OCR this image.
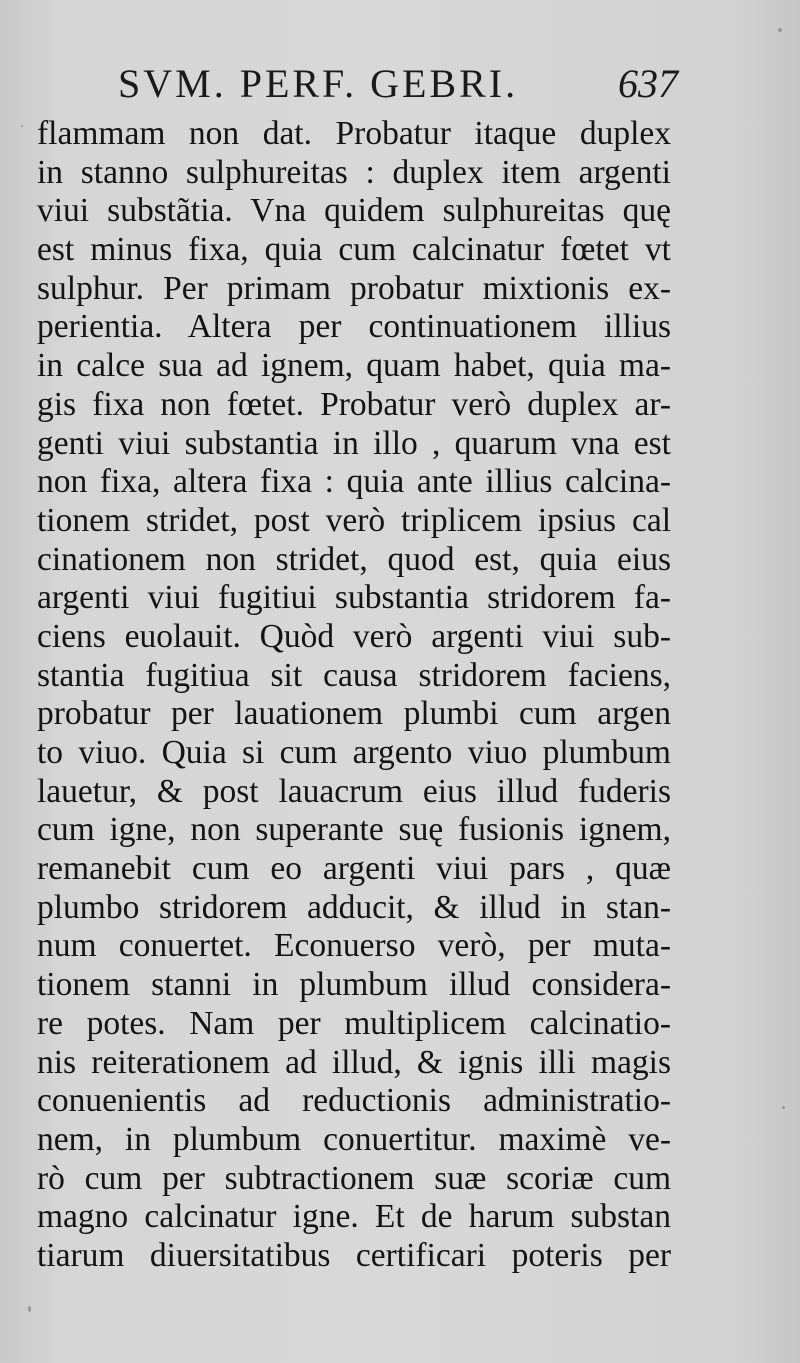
SVM. PERF. GEBRI. 637
flammam non dat. Probatur itaque duplex
in stanno sulphureitas : duplex item argenti
viui substãtia. Vna quidem sulphureitas quę
est minus fixa, quia cum calcinatur fœtet vt
sulphur. Per primam probatur mixtionis ex-
perientia. Altera per continuationem illius
in calce sua ad ignem, quam habet, quia ma-
gis fixa non fœtet. Probatur verò duplex ar-
genti viui substantia in illo , quarum vna est
non fixa, altera fixa : quia ante illius calcina-
tionem stridet, post verò triplicem ipsius cal
cinationem non stridet, quod est, quia eius
argenti viui fugitiui substantia stridorem fa-
ciens euolauit. Quòd verò argenti viui sub-
stantia fugitiua sit causa stridorem faciens,
probatur per lauationem plumbi cum argen
to viuo. Quia si cum argento viuo plumbum
lauetur, & post lauacrum eius illud fuderis
cum igne, non superante suę fusionis ignem,
remanebit cum eo argenti viui pars , quæ
plumbo stridorem adducit, & illud in stan-
num conuertet. Econuerso verò, per muta-
tionem stanni in plumbum illud considera-
re potes. Nam per multiplicem calcinatio-
nis reiterationem ad illud, & ignis illi magis
conuenientis ad reductionis administratio-
nem, in plumbum conuertitur. maximè ve-
rò cum per subtractionem suæ scoriæ cum
magno calcinatur igne. Et de harum substan
tiarum diuersitatibus certificari poteris per
